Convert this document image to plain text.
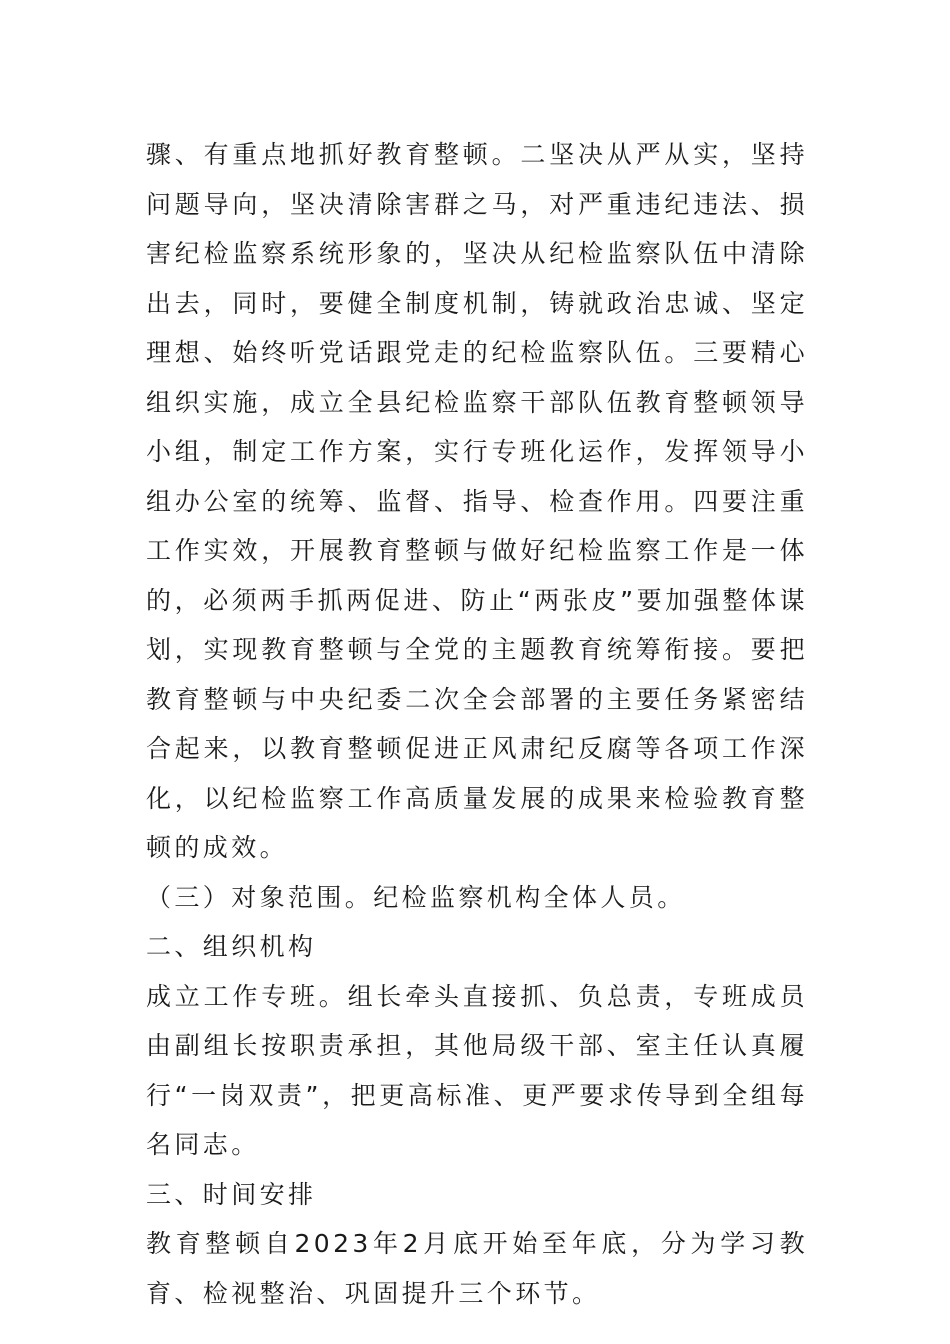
骤、有重点地抓好教育整顿。二坚决从严从实，坚持问题导向，坚决清除害群之马，对严重违纪违法、损害纪检监察系统形象的，坚决从纪检监察队伍中清除出去，同时，要健全制度机制，铸就政治忠诚、坚定理想、始终听党话跟党走的纪检监察队伍。三要精心组织实施，成立全县纪检监察干部队伍教育整顿领导小组，制定工作方案，实行专班化运作，发挥领导小组办公室的统筹、监督、指导、检查作用。四要注重工作实效，开展教育整顿与做好纪检监察工作是一体的，必须两手抓两促进、防止“两张皮”要加强整体谋划，实现教育整顿与全党的主题教育统筹衔接。要把教育整顿与中央纪委二次全会部署的主要任务紧密结合起来，以教育整顿促进正风肃纪反腐等各项工作深化，以纪检监察工作高质量发展的成果来检验教育整顿的成效。

（三）对象范围。纪检监察机构全体人员。

二、组织机构

成立工作专班。组长牵头直接抓、负总责，专班成员由副组长按职责承担，其他局级干部、室主任认真履行“一岗双责”，把更高标准、更严要求传导到全组每名同志。

三、时间安排

教育整顿自2023年2月底开始至年底，分为学习教育、检视整治、巩固提升三个环节。
